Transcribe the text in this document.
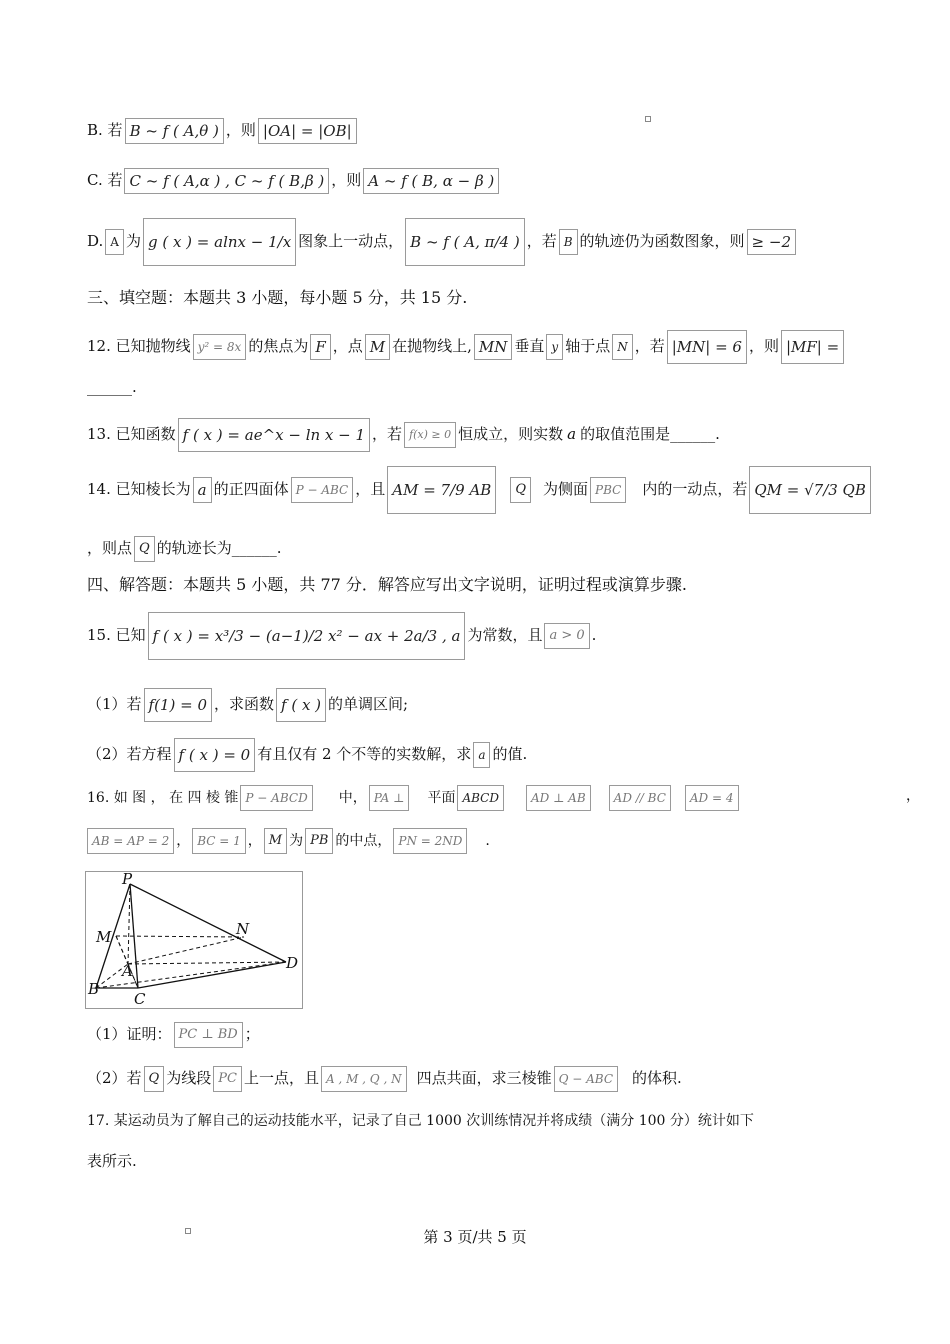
B. 若 B ~ f ( A,θ ) ，则 |OA| = |OB|
C. 若 C ~ f ( A,α ) , C ~ f ( B,β ) ，则 A ~ f ( B, α − β )
D. A 为 g ( x ) = alnx − 1/x 图象上一动点， B ~ f ( A, π/4 ) ，若 B 的轨迹仍为函数图象，则 ≥ −2
三、填空题：本题共 3 小题，每小题 5 分，共 15 分.
12. 已知抛物线 y² = 8x 的焦点为 F ，点 M 在抛物线上, MN 垂直 y 轴于点 N ，若 |MN| = 6 ，则 |MF| =
______.
13. 已知函数 f ( x ) = ae^x − ln x − 1 ，若 f(x) ≥ 0 恒成立，则实数 a 的取值范围是______.
14. 已知棱长为 a 的正四面体 P − ABC ，且 AM = 7/9 AB Q 为侧面 PBC 内的一动点，若 QM = √7/3 QB
，则点 Q 的轨迹长为______.
四、解答题：本题共 5 小题，共 77 分．解答应写出文字说明，证明过程或演算步骤.
15. 已知 f ( x ) = x³/3 − (a−1)/2 x² − ax + 2a/3 , a 为常数，且 a > 0 .
（1）若 f(1) = 0 ，求函数 f ( x ) 的单调区间;
（2）若方程 f ( x ) = 0 有且仅有 2 个不等的实数解，求 a 的值.
16. 如 图 ， 在 四 棱 锥 P − ABCD 中， PA ⊥ 平面 ABCD	AD ⊥ AB AD // BC AD = 4	，
AB = AP = 2 ， BC = 1 ， M 为 PB 的中点， PN = 2ND .
P
M	N
A	D
B
C
（1）证明： PC ⊥ BD ；
（2）若 Q 为线段 PC 上一点，且 A , M , Q , N 四点共面，求三棱锥 Q − ABC 的体积.
17. 某运动员为了解自己的运动技能水平，记录了自己 1000 次训练情况并将成绩（满分 100 分）统计如下
表所示.
第 3 页/共 5 页
